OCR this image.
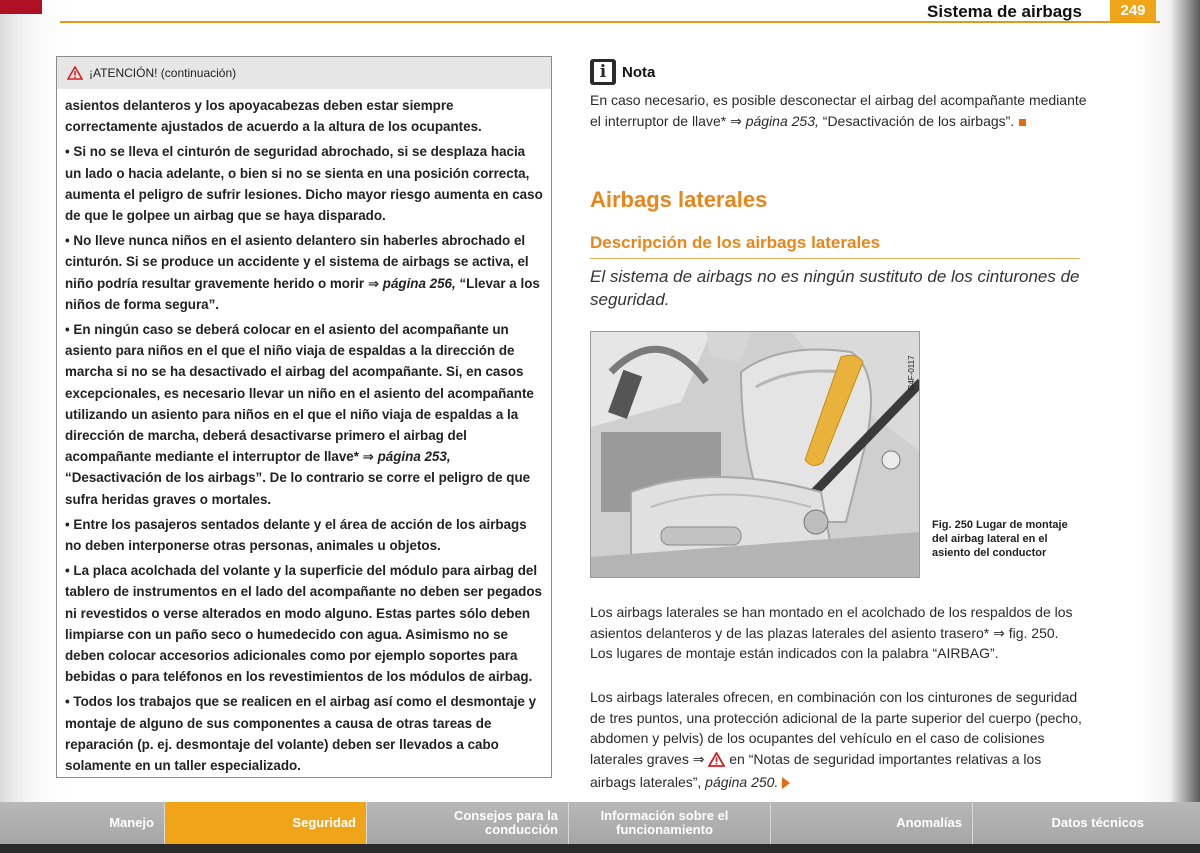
Sistema de airbags	249
¡ATENCIÓN! (continuación)

asientos delanteros y los apoyacabezas deben estar siempre correctamente ajustados de acuerdo a la altura de los ocupantes.

• Si no se lleva el cinturón de seguridad abrochado, si se desplaza hacia un lado o hacia adelante, o bien si no se sienta en una posición correcta, aumenta el peligro de sufrir lesiones. Dicho mayor riesgo aumenta en caso de que le golpee un airbag que se haya disparado.

• No lleve nunca niños en el asiento delantero sin haberles abrochado el cinturón. Si se produce un accidente y el sistema de airbags se activa, el niño podría resultar gravemente herido o morir ⇒ página 256, “Llevar a los niños de forma segura”.

• En ningún caso se deberá colocar en el asiento del acompañante un asiento para niños en el que el niño viaja de espaldas a la dirección de marcha si no se ha desactivado el airbag del acompañante. Si, en casos excepcionales, es necesario llevar un niño en el asiento del acompañante utilizando un asiento para niños en el que el niño viaja de espaldas a la dirección de marcha, deberá desactivarse primero el airbag del acompañante mediante el interruptor de llave* ⇒ página 253, “Desactivación de los airbags”. De lo contrario se corre el peligro de que sufra heridas graves o mortales.

• Entre los pasajeros sentados delante y el área de acción de los airbags no deben interponerse otras personas, animales u objetos.

• La placa acolchada del volante y la superficie del módulo para airbag del tablero de instrumentos en el lado del acompañante no deben ser pegados ni revestidos o verse alterados en modo alguno. Estas partes sólo deben limpiarse con un paño seco o humedecido con agua. Asimismo no se deben colocar accesorios adicionales como por ejemplo soportes para bebidas o para teléfonos en los revestimientos de los módulos de airbag.

• Todos los trabajos que se realicen en el airbag así como el desmontaje y montaje de alguno de sus componentes a causa de otras tareas de reparación (p. ej. desmontaje del volante) deben ser llevados a cabo solamente en un taller especializado.

i	Nota
En caso necesario, es posible desconectar el airbag del acompañante mediante el interruptor de llave* ⇒ página 253, “Desactivación de los airbags”.
Airbags laterales
Descripción de los airbags laterales
El sistema de airbags no es ningún sustituto de los cinturones de seguridad.
B4F-0117
Fig. 250 Lugar de montaje del airbag lateral en el asiento del conductor
Los airbags laterales se han montado en el acolchado de los respaldos de los asientos delanteros y de las plazas laterales del asiento trasero* ⇒ fig. 250. Los lugares de montaje están indicados con la palabra “AIRBAG”.
Los airbags laterales ofrecen, en combinación con los cinturones de seguridad de tres puntos, una protección adicional de la parte superior del cuerpo (pecho, abdomen y pelvis) de los ocupantes del vehículo en el caso de colisiones laterales graves ⇒  en “Notas de seguridad importantes relativas a los airbags laterales”, página 250.
Manejo	Seguridad	Consejos para la conducción
Información sobre el funcionamiento	Anomalías	Datos técnicos
